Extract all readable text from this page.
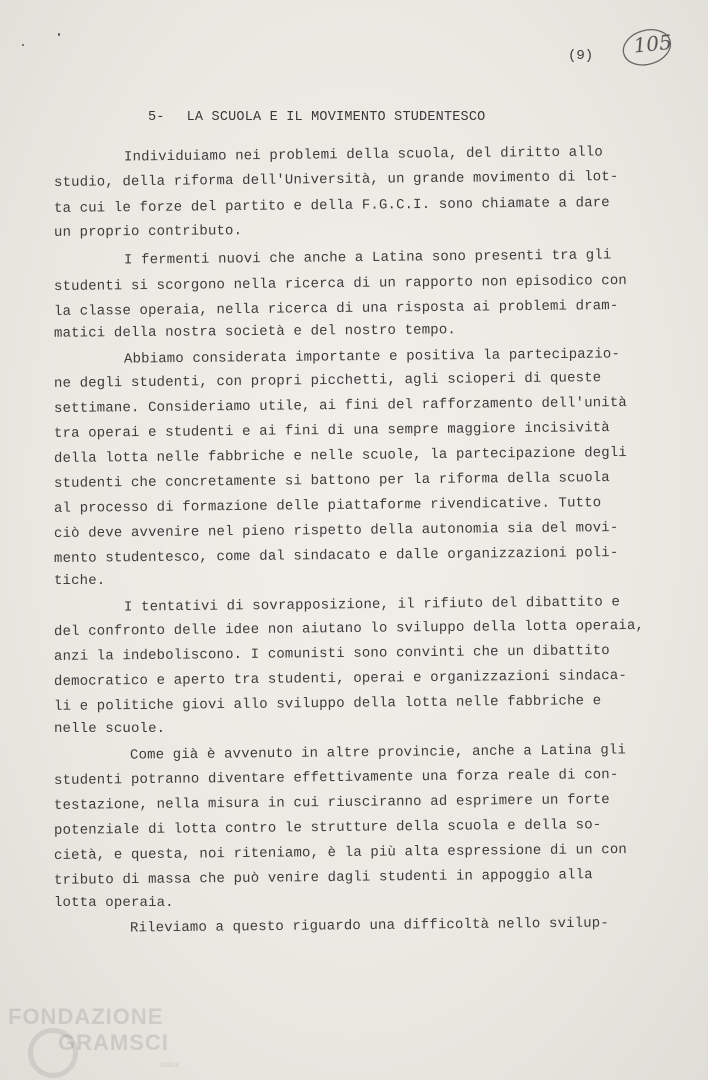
(9) 105
5- LA SCUOLA E IL MOVIMENTO STUDENTESCO
Individuiamo nei problemi della scuola, del diritto allo
studio, della riforma dell'Università, un grande movimento di lot-
ta cui le forze del partito e della F.G.C.I. sono chiamate a dare
un proprio contributo.
I fermenti nuovi che anche a Latina sono presenti tra gli
studenti si scorgono nella ricerca di un rapporto non episodico con
la classe operaia, nella ricerca di una risposta ai problemi dram-
matici della nostra società e del nostro tempo.
Abbiamo considerata importante e positiva la partecipazio-
ne degli studenti, con propri picchetti, agli scioperi di queste
settimane. Consideriamo utile, ai fini del rafforzamento dell'unità
tra operai e studenti e ai fini di una sempre maggiore incisività
della lotta nelle fabbriche e nelle scuole, la partecipazione degli
studenti che concretamente si battono per la riforma della scuola
al processo di formazione delle piattaforme rivendicative. Tutto
ciò deve avvenire nel pieno rispetto della autonomia sia del movi-
mento studentesco, come dal sindacato e dalle organizzazioni poli-
tiche.
I tentativi di sovrapposizione, il rifiuto del dibattito e
del confronto delle idee non aiutano lo sviluppo della lotta operaia,
anzi la indeboliscono. I comunisti sono convinti che un dibattito
democratico e aperto tra studenti, operai e organizzazioni sindaca-
li e politiche giovi allo sviluppo della lotta nelle fabbriche e
nelle scuole.
Come già è avvenuto in altre provincie, anche a Latina gli
studenti potranno diventare effettivamente una forza reale di con-
testazione, nella misura in cui riusciranno ad esprimere un forte
potenziale di lotta contro le strutture della scuola e della so-
cietà, e questa, noi riteniamo, è la più alta espressione di un con
tributo di massa che può venire dagli studenti in appoggio alla
lotta operaia.
Rileviamo a questo riguardo una difficoltà nello svilup-
FONDAZIONE
GRAMSCI
onlus
